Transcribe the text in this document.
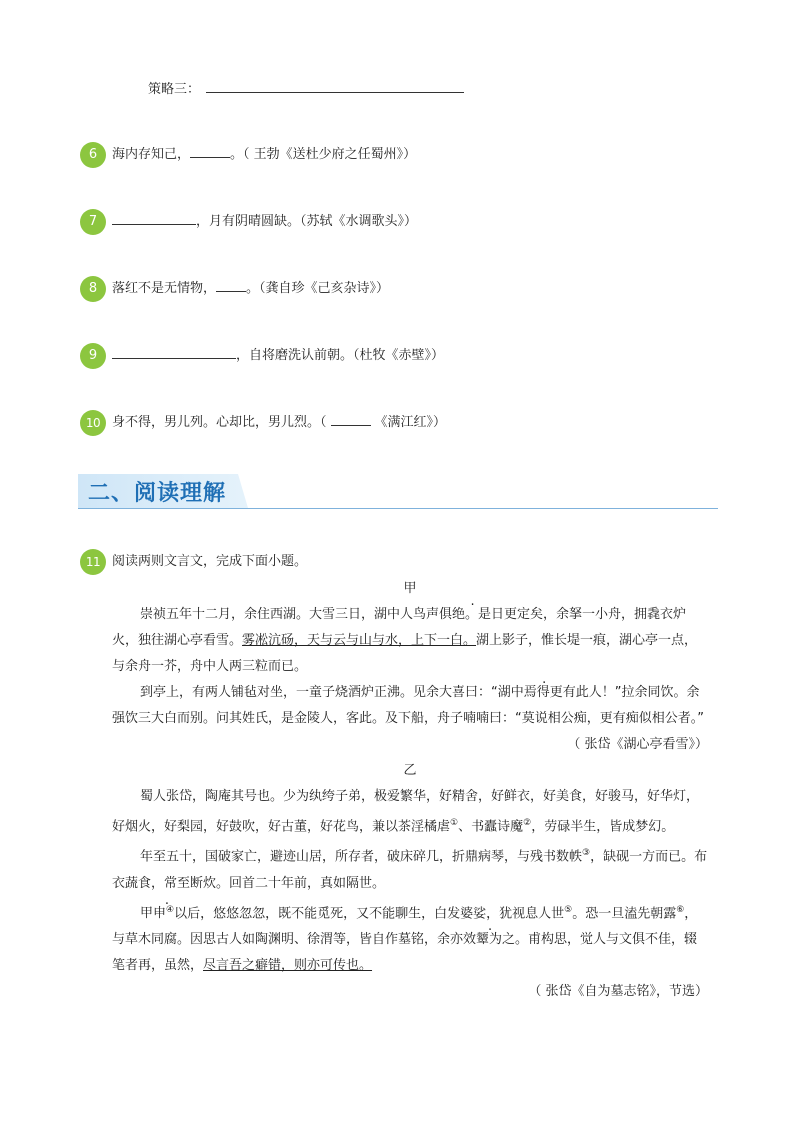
策略三：
6	海内存知己，	。（ 王勃《送杜少府之任蜀州》）
7	，月有阴晴圆缺。（苏轼《水调歌头》）
8	落红不是无情物， 。（龚自珍《己亥杂诗》）
9	，自将磨洗认前朝。（杜牧《赤壁》）
10 身不得，男儿列。心却比，男儿烈。（	《满江红》）
二、阅读理解
11 阅读两则文言文，完成下面小题。
甲
崇祯五年十二月，余住西湖。大雪三日，湖中人鸟声俱绝。是日更定矣，余拏一小舟，拥毳衣炉火，独往湖心亭看雪。雾凇沆砀，天与云与山与水，上下一白。湖上影子，惟长堤一痕，湖心亭一点，与余舟一芥，舟中人两三粒而已。
到亭上，有两人铺毡对坐，一童子烧酒炉正沸。见余大喜曰：“湖中焉得更有此人！”拉余同饮。余强饮三大白而别。问其姓氏，是金陵人，客此。及下船，舟子喃喃曰：“莫说相公痴，更有痴似相公者。”
（ 张岱《湖心亭看雪》）
乙
蜀人张岱，陶庵其号也。少为纨绔子弟，极爱繁华，好精舍，好鲜衣，好美食，好骏马，好华灯，好烟火，好梨园，好鼓吹，好古董，好花鸟，兼以茶淫橘虐①、书蠹诗魔②，劳碌半生，皆成梦幻。
年至五十，国破家亡，避迹山居，所存者，破床碎几，折鼎病琴，与残书数帙③，缺砚一方而已。布衣蔬食，常至断炊。回首二十年前，真如隔世。
甲申④以后，悠悠忽忽，既不能觅死，又不能聊生，白发婆娑，犹视息人世⑤。恐一旦溘先朝露⑥，与草木同腐。因思古人如陶渊明、徐渭等，皆自作墓铭，余亦效颦为之。甫构思，觉人与文俱不佳，辍笔者再，虽然，尽言吾之癖错，则亦可传也。
（ 张岱《自为墓志铭》，节选）
